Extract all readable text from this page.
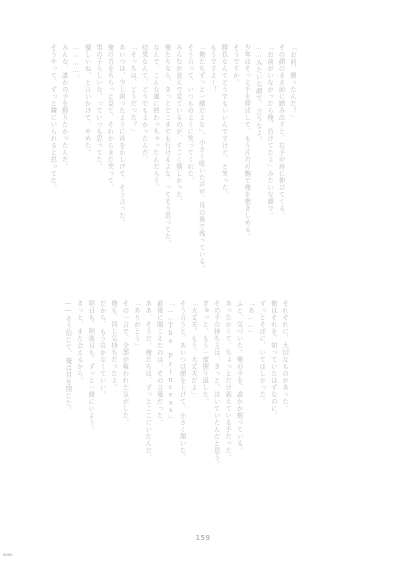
「お前、勝ったんだ？」
その顔のまま前に踏み出すと、右手が肩に伸びてくる。
「お前がいなかったら俺、負けてたよ」みたいな顔で。
……みたいな顔で、言うなよ。
少年はそっと手を伸ばして、もう片方の腕で俺を抱きしめる。
そうですか。
勝負なんてどうでもいいんですけど、と笑った。
もうですよー！
「俺たちずっと一緒だよな」。小さく呟いた声が、耳の奥で残っている。
そう言って、いつものように笑ってくれた。
みんなが並んで見ているのが、すごく嬉しかった。
俺たちなら、きっとどこまでも行けるよな、ってそう思ってた。
なんで、こんな風に終わっちゃったんだろう。
結果なんて、どうでもよかったんだ。
「そっちは、どうだった？」
あいつは、少し困ったように首をかしげて、そう言った。
俺の方をちらっと見て、それからまた笑って。
男の子らしいな、っていつも思ってた。
優しいね、と言いかけて、やめた。
…………。
みんな、誰かの手を握りたかったんだ。
そうやって、ずっと隣にいられると思ってた。
それぞれに、大切なものがあった。
俺はそれを、知っていたはずなのに。
ずっとそばに、いてほしかった。
「あ……」
ふと、気づいた。俺の手を、誰かが握っている。
あったかくて、ちょっとだけ震えている手だった。
その手の持ち主は、きっと、泣いていたんだと思う。
ぎゅっと、もう一度握り返した。
「大丈夫。もう、大丈夫だよ」
そう言うと、あいつは顔を上げて、小さく頷いた。
「……The Princess」
最後に聞こえたのは、その言葉だった。
ああ、そうだ。俺たちは、ずっとここにいたんだ。
「ありがとう」
その一言で、全部が報われた気がした。
俺も、同じ気持ちだったよ。
だから、もう泣かなくていい。
明日も、明後日も、ずっと一緒にいよう。
きっと、また会えるから。
――そう信じて、俺は目を閉じた。
159
0000
